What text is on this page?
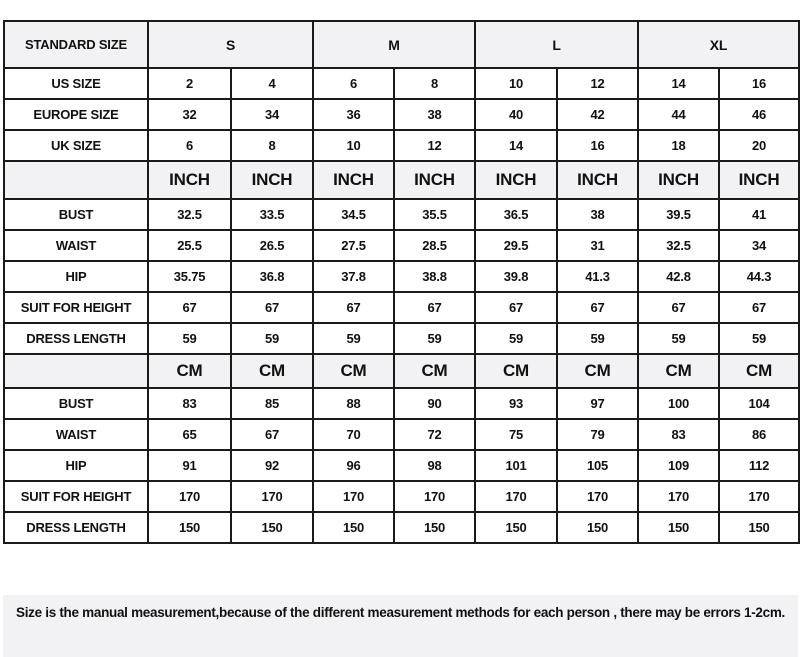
STANDARD SIZE	S		M		L		XL	
US SIZE	2	4	6	8	10	12	14	16
EUROPE SIZE	32	34	36	38	40	42	44	46
UK SIZE	6	8	10	12	14	16	18	20
	INCH	INCH	INCH	INCH	INCH	INCH	INCH	INCH
BUST	32.5	33.5	34.5	35.5	36.5	38	39.5	41
WAIST	25.5	26.5	27.5	28.5	29.5	31	32.5	34
HIP	35.75	36.8	37.8	38.8	39.8	41.3	42.8	44.3
SUIT FOR HEIGHT	67	67	67	67	67	67	67	67
DRESS LENGTH	59	59	59	59	59	59	59	59
	CM	CM	CM	CM	CM	CM	CM	CM
BUST	83	85	88	90	93	97	100	104
WAIST	65	67	70	72	75	79	83	86
HIP	91	92	96	98	101	105	109	112
SUIT FOR HEIGHT	170	170	170	170	170	170	170	170
DRESS LENGTH	150	150	150	150	150	150	150	150
Size is the manual measurement,because of the different measurement methods for each person , there may be errors 1-2cm.
